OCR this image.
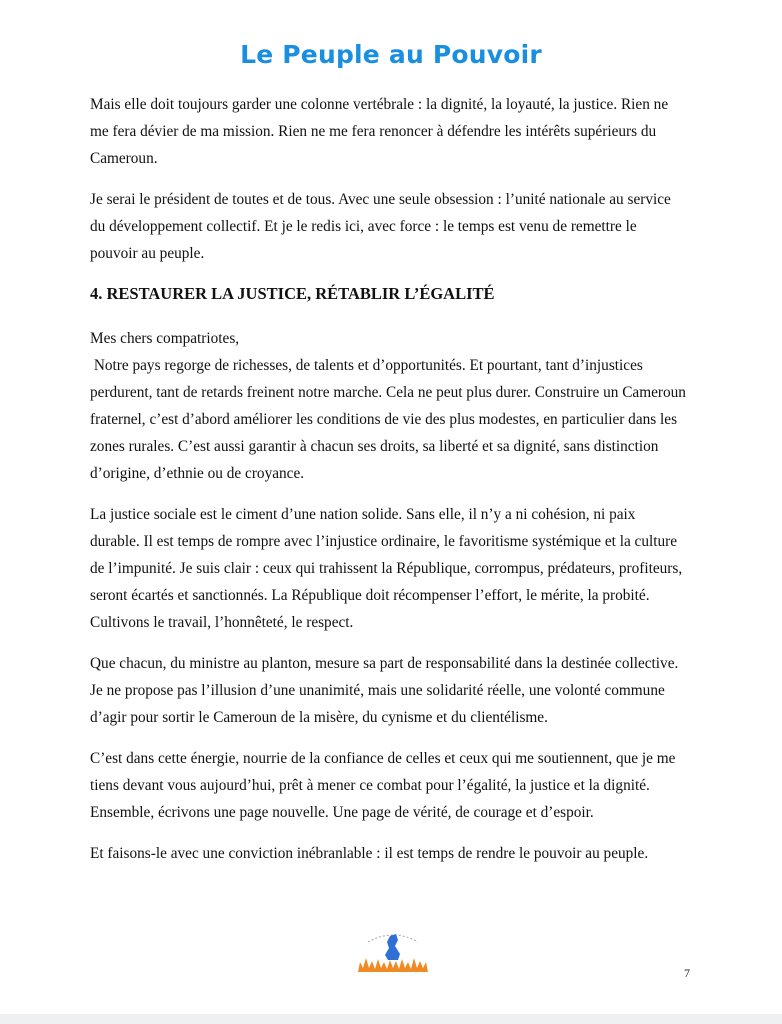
Le Peuple au Pouvoir

Mais elle doit toujours garder une colonne vertébrale : la dignité, la loyauté, la justice. Rien ne
me fera dévier de ma mission. Rien ne me fera renoncer à défendre les intérêts supérieurs du
Cameroun.

Je serai le président de toutes et de tous. Avec une seule obsession : l’unité nationale au service
du développement collectif. Et je le redis ici, avec force : le temps est venu de remettre le
pouvoir au peuple.

4. RESTAURER LA JUSTICE, RÉTABLIR L’ÉGALITÉ

Mes chers compatriotes,
Notre pays regorge de richesses, de talents et d’opportunités. Et pourtant, tant d’injustices
perdurent, tant de retards freinent notre marche. Cela ne peut plus durer. Construire un Cameroun
fraternel, c’est d’abord améliorer les conditions de vie des plus modestes, en particulier dans les
zones rurales. C’est aussi garantir à chacun ses droits, sa liberté et sa dignité, sans distinction
d’origine, d’ethnie ou de croyance.

La justice sociale est le ciment d’une nation solide. Sans elle, il n’y a ni cohésion, ni paix
durable. Il est temps de rompre avec l’injustice ordinaire, le favoritisme systémique et la culture
de l’impunité. Je suis clair : ceux qui trahissent la République, corrompus, prédateurs, profiteurs,
seront écartés et sanctionnés. La République doit récompenser l’effort, le mérite, la probité.
Cultivons le travail, l’honnêteté, le respect.

Que chacun, du ministre au planton, mesure sa part de responsabilité dans la destinée collective.
Je ne propose pas l’illusion d’une unanimité, mais une solidarité réelle, une volonté commune
d’agir pour sortir le Cameroun de la misère, du cynisme et du clientélisme.

C’est dans cette énergie, nourrie de la confiance de celles et ceux qui me soutiennent, que je me
tiens devant vous aujourd’hui, prêt à mener ce combat pour l’égalité, la justice et la dignité.
Ensemble, écrivons une page nouvelle. Une page de vérité, de courage et d’espoir.

Et faisons-le avec une conviction inébranlable : il est temps de rendre le pouvoir au peuple.

7
